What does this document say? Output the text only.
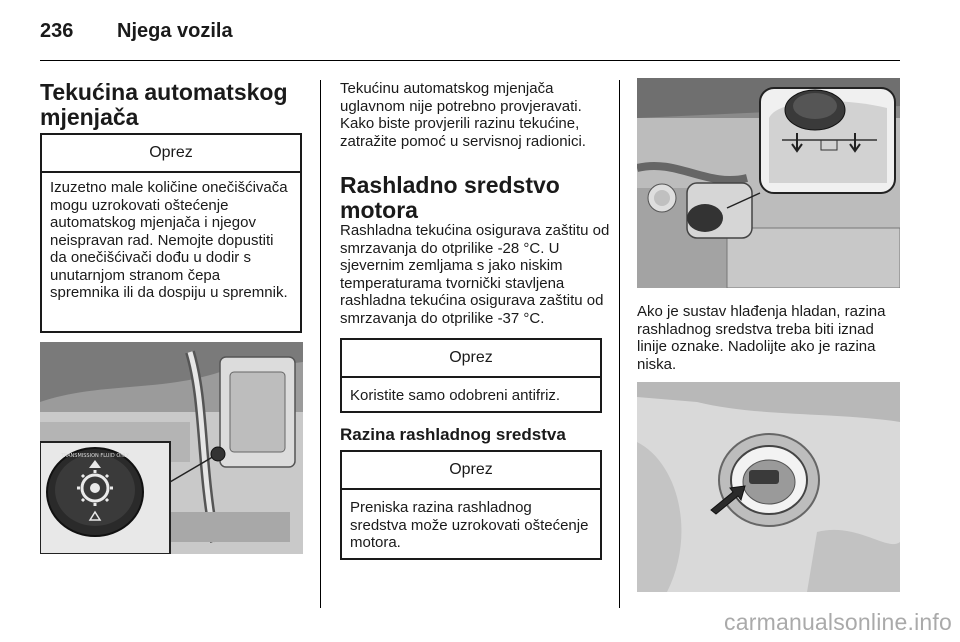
236 Njega vozila
Tekućina automatskog mjenjača
Oprez
Izuzetno male količine onečišćivača mogu uzrokovati oštećenje automatskog mjenjača i njegov neispravan rad. Nemojte dopustiti da onečišćivači dođu u dodir s unutarnjom stranom čepa spremnika ili da dospiju u spremnik.
TRANSMISSION FLUID ONLY
Tekućinu automatskog mjenjača uglavnom nije potrebno provjeravati. Kako biste provjerili razinu tekućine, zatražite pomoć u servisnoj radionici.
Rashladno sredstvo motora
Rashladna tekućina osigurava zaštitu od smrzavanja do otprilike -28 °C. U sjevernim zemljama s jako niskim temperaturama tvornički stavljena rashladna tekućina osigurava zaštitu od smrzavanja do otprilike -37 °C.
Oprez
Koristite samo odobreni antifriz.
Razina rashladnog sredstva
Oprez
Preniska razina rashladnog sredstva može uzrokovati oštećenje motora.
Ako je sustav hlađenja hladan, razina rashladnog sredstva treba biti iznad linije oznake. Nadolijte ako je razina niska.
carmanualsonline.info
